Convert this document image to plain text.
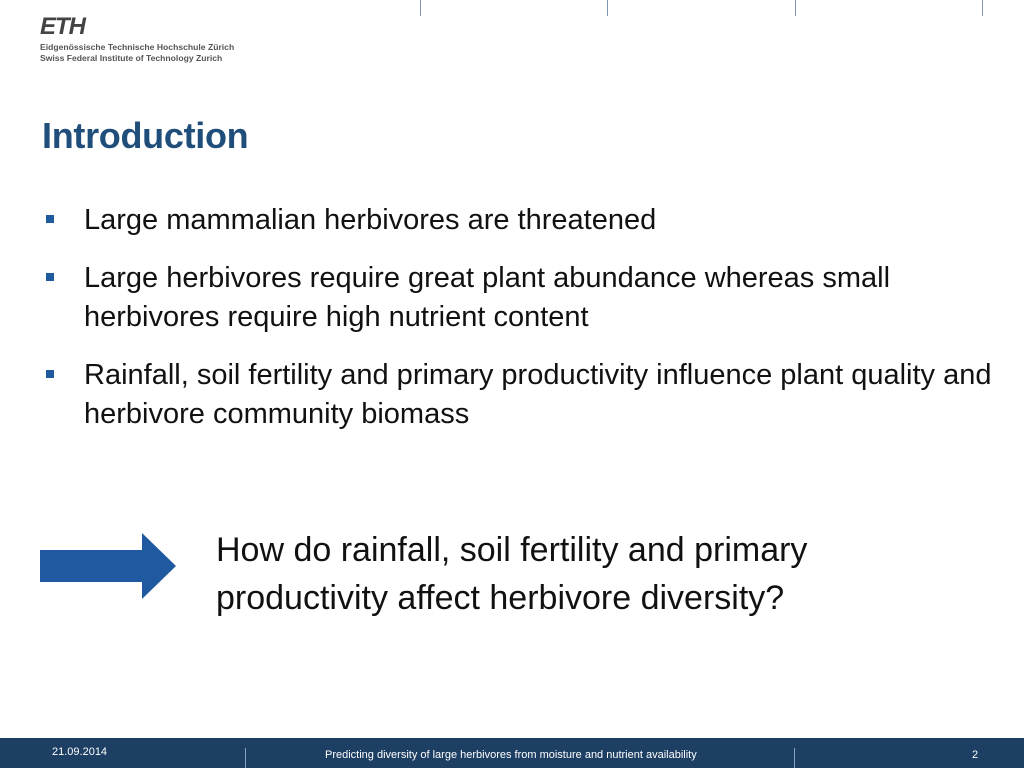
ETH
Eidgenössische Technische Hochschule Zürich
Swiss Federal Institute of Technology Zurich
Introduction
Large mammalian herbivores are threatened
Large herbivores require great plant abundance whereas small herbivores require high nutrient content
Rainfall, soil fertility and primary productivity influence plant quality and herbivore community biomass
How do rainfall, soil fertility and primary productivity affect herbivore diversity?
21.09.2014	Predicting diversity of large herbivores from moisture and nutrient availability	2
